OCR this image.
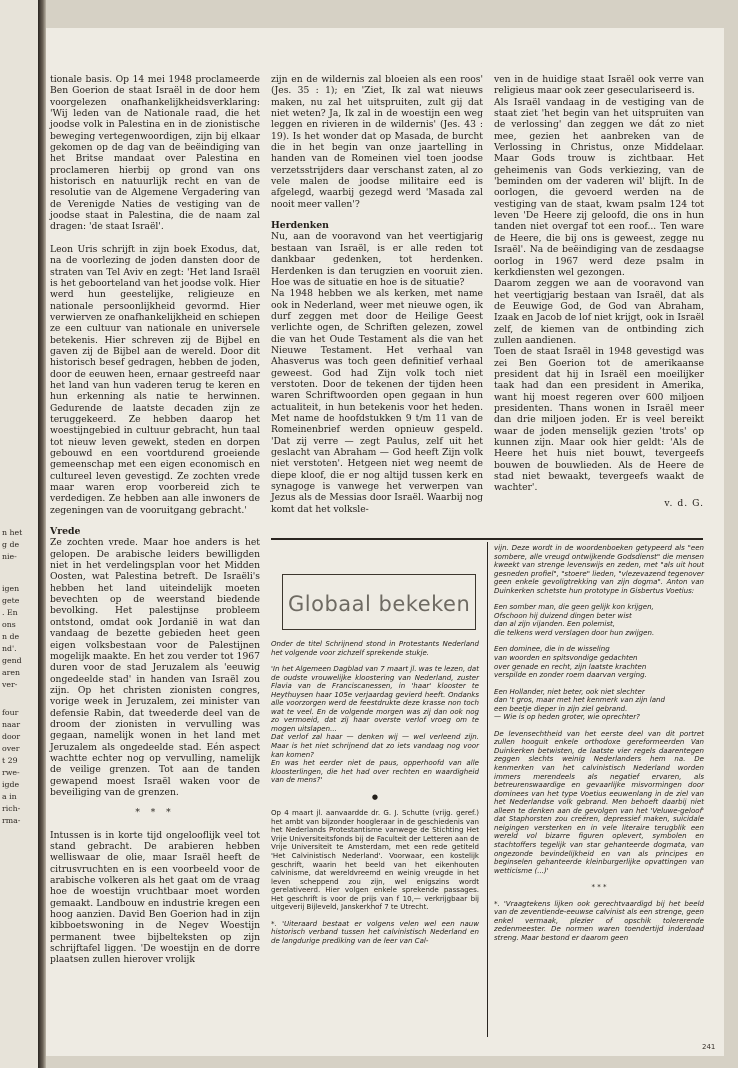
n het
g de
nie-
igen
gete
. En
ons
n de
nd'.
gend
aren
ver-
four
naar
door
over
t 29
rwe-
igde
a in
rich-
rma-

tionale basis. Op 14 mei 1948 proclameerde Ben Goerion de staat Israël in de door hem voorgelezen onafhankelijkheidsverklaring: 'Wij leden van de Nationale raad, die het joodse volk in Palestina en in de zionistische beweging vertegenwoordigen, zijn bij elkaar gekomen op de dag van de beëindiging van het Britse mandaat over Palestina en proclameren hierbij op grond van ons historisch en natuurlijk recht en van de resolutie van de Algemene Vergadering van de Verenigde Naties de vestiging van de joodse staat in Palestina, die de naam zal dragen: 'de staat Israël'.

Leon Uris schrijft in zijn boek Exodus, dat, na de voorlezing de joden dansten door de straten van Tel Aviv en zegt: 'Het land Israël is het geboorteland van het joodse volk. Hier werd hun geestelijke, religieuze en nationale persoonlijkheid gevormd. Hier verwierven ze onafhankelijkheid en schiepen ze een cultuur van nationale en universele betekenis. Hier schreven zij de Bijbel en gaven zij de Bijbel aan de wereld. Door dit historisch besef gedragen, hebben de joden, door de eeuwen heen, ernaar gestreefd naar het land van hun vaderen terug te keren en hun erkenning als natie te herwinnen. Gedurende de laatste decaden zijn ze teruggekeerd. Ze hebben daarop het woestijngebied in cultuur gebracht, hun taal tot nieuw leven gewekt, steden en dorpen gebouwd en een voortdurend groeiende gemeenschap met een eigen economisch en cultureel leven gevestigd. Ze zochten vrede maar waren erop voorbereid zich te verdedigen. Ze hebben aan alle inwoners de zegeningen van de vooruitgang gebracht.'

Vrede

Ze zochten vrede. Maar hoe anders is het gelopen. De arabische leiders bewilligden niet in het verdelingsplan voor het Midden Oosten, wat Palestina betreft. De Israëli's hebben het land uiteindelijk moeten bevechten op de weerstand biedende bevolking. Het palestijnse probleem ontstond, omdat ook Jordanië in wat dan vandaag de bezette gebieden heet geen eigen volksbestaan voor de Palestijnen mogelijk maakte. En het zou verder tot 1967 duren voor de stad Jeruzalem als 'eeuwig ongedeelde stad' in handen van Israël zou zijn. Op het christen zionisten congres, vorige week in Jeruzalem, zei minister van defensie Rabin, dat tweederde deel van de droom der zionisten in vervulling was gegaan, namelijk wonen in het land met Jeruzalem als ongedeelde stad. Eén aspect wachtte echter nog op vervulling, namelijk de veilige grenzen. Tot aan de tanden gewapend moest Israël waken voor de beveiliging van de grenzen.

* * *

Intussen is in korte tijd ongelooflijk veel tot stand gebracht. De arabieren hebben welliswaar de olie, maar Israël heeft de citrusvruchten en is een voorbeeld voor de arabische volkeren als het gaat om de vraag hoe de woestijn vruchtbaar moet worden gemaakt. Landbouw en industrie kregen een hoog aanzien. David Ben Goerion had in zijn kibboetswoning in de Negev Woestijn permanent twee bijbelteksten op zijn schrijftafel liggen. 'De woestijn en de dorre plaatsen zullen hierover vrolijk

zijn en de wildernis zal bloeien als een roos' (Jes. 35 : 1); en 'Ziet, Ik zal wat nieuws maken, nu zal het uitspruiten, zult gij dat niet weten? Ja, Ik zal in de woestijn een weg leggen en rivieren in de wildernis' (Jes. 43 : 19). Is het wonder dat op Masada, de burcht die in het begin van onze jaartelling in handen van de Romeinen viel toen joodse verzetsstrijders daar verschanst zaten, al zo vele malen de joodse militaire eed is afgelegd, waarbij gezegd werd 'Masada zal nooit meer vallen'?

Herdenken

Nu, aan de vooravond van het veertigjarig bestaan van Israël, is er alle reden tot dankbaar gedenken, tot herdenken. Herdenken is dan terugzien en vooruit zien. Hoe was de situatie en hoe is de situatie?

Na 1948 hebben we als kerken, met name ook in Nederland, weer met nieuwe ogen, ik durf zeggen met door de Heilige Geest verlichte ogen, de Schriften gelezen, zowel die van het Oude Testament als die van het Nieuwe Testament. Het verhaal van Ahasverus was toch geen definitief verhaal geweest. God had Zijn volk toch niet verstoten. Door de tekenen der tijden heen waren Schriftwoorden open gegaan in hun actualiteit, in hun betekenis voor het heden. Met name de hoofdstukken 9 t/m 11 van de Romeinenbrief werden opnieuw gespeld. 'Dat zij verre — zegt Paulus, zelf uit het geslacht van Abraham — God heeft Zijn volk niet verstoten'. Hetgeen niet weg neemt de diepe kloof, die er nog altijd tussen kerk en synagoge is vanwege het verwerpen van Jezus als de Messias door Israël. Waarbij nog komt dat het volksle-

ven in de huidige staat Israël ook verre van religieus maar ook zeer geseculariseerd is.

Als Israël vandaag in de vestiging van de staat ziet 'het begin van het uitspruiten van de verlossing' dan zeggen we dát zo niet mee, gezien het aanbreken van de Verlossing in Christus, onze Middelaar. Maar Gods trouw is zichtbaar. Het geheimenis van Gods verkiezing, van de 'beminden om der vaderen wil' blijft. In de oorlogen, die gevoerd werden na de vestiging van de staat, kwam psalm 124 tot leven 'De Heere zij geloofd, die ons in hun tanden niet overgaf tot een roof... Ten ware de Heere, die bij ons is geweest, zegge nu Israël'. Na de beëindiging van de zesdaagse oorlog in 1967 werd deze psalm in kerkdiensten wel gezongen.

Daarom zeggen we aan de vooravond van het veertigjarig bestaan van Israël, dat als de Eeuwige God, de God van Abraham, Izaak en Jacob de lof niet krijgt, ook in Israël zelf, de kiemen van de ontbinding zich zullen aandienen.

Toen de staat Israël in 1948 gevestigd was zei Ben Goerion tot de amerikaanse president dat hij in Israël een moeilijker taak had dan een president in Amerika, want hij moest regeren over 600 miljoen presidenten. Thans wonen in Israël meer dan drie miljoen joden. Er is veel bereikt waar de joden menselijk gezien 'trots' op kunnen zijn. Maar ook hier geldt: 'Als de Heere het huis niet bouwt, tevergeefs bouwen de bouwlieden. Als de Heere de stad niet bewaakt, tevergeefs waakt de wachter'.

v. d. G.
Globaal bekeken

Onder de titel Schrijnend stond in Protestants Nederland het volgende voor zichzelf sprekende stukje.

'In het Algemeen Dagblad van 7 maart jl. was te lezen, dat de oudste vrouwelijke kloostering van Nederland, zuster Flavia van de Franciscanessen, in 'haar' klooster te Heythuysen haar 105e verjaardag gevierd heeft. Ondanks alle voorzorgen werd de feestdrukte deze krasse non toch wat te veel. En de volgende morgen was zij dan ook nog zo vermoeid, dat zij haar overste verlof vroeg om te mogen uitslapen...

Dat verlof zal haar — denken wij — wel verleend zijn. Maar is het niet schrijnend dat zo iets vandaag nog voor kan komen?

En was het eerder niet de paus, opperhoofd van alle kloosterlingen, die het had over rechten en waardigheid van de mens?'

●

Op 4 maart jl. aanvaardde dr. G. J. Schutte (vrijg. geref.) het ambt van bijzonder hoogleraar in de geschiedenis van het Nederlands Protestantisme vanwege de Stichting Het Vrije Universiteitsfonds bij de Faculteit der Letteren aan de Vrije Universiteit te Amsterdam, met een rede getiteld 'Het Calvinistisch Nederland'. Voorwaar, een kostelijk geschrift, waarin het beeld van het eikenhouten calvinisme, dat wereldvreemd en weinig vreugde in het leven scheppend zou zijn, wel enigszins wordt gerelativeerd. Hier volgen enkele sprekende passages. Het geschrift is voor de prijs van f 10,— verkrijgbaar bij uitgeverij Bijleveld, Janskerkhof 7 te Utrecht.

*. 'Uiteraard bestaat er volgens velen wel een nauw historisch verband tussen het calvinistisch Nederland en de langdurige prediking van de leer van Cal-

vijn. Deze wordt in de woordenboeken getypeerd als "een sombere, alle vreugd ontwijkende Godsdienst" die mensen kweekt van strenge levenswijs en zeden, met "als uit hout gesneden profiel", "stoere" lieden, "vlezevazend tegenover geen enkele gevoligtrekking van zijn dogma". Anton van Duinkerken schetste hun prototype in Gisbertus Voetius:

Een somber man, die geen gelijk kon krijgen,

Ofschoon hij duizend dingen beter wist

dan al zijn vijanden. Een polemist,

die telkens werd verslagen door hun zwijgen.

Een dominee, die in de wisseling

van woorden en spitsvondige gedachten

over genade en recht, zijn laatste krachten

verspilde en zonder roem daarvan verging.

Een Hollander, niet beter, ook niet slechter

dan 't gros, maar met het kenmerk van zijn land

een beetje dieper in zijn ziel gebrand.

— Wie is op heden groter, wie oprechter?

De levensechtheid van het eerste deel van dit portret zullen hooguit enkele orthodoxe gereformeerden Van Duinkerken betwisten, de laatste vier regels daarentegen zeggen slechts weinig Nederlanders hem na. De kenmerken van het calvinistisch Nederland worden immers merendeels als negatief ervaren, als betreurenswaardige en gevaarlijke misvormingen door dominees van het type Voetius eeuwenlang in de ziel van het Nederlandse volk gebrand. Men behoeft daarbij niet alleen te denken aan de gevolgen van het 'Veluwe-geloof' dat Staphorsten zou creëren, depressief maken, suicidale neigingen versterken en in vele literaire terugblik een wereld vol bizarre figuren oplevert, symbolen en stachtoffers tegelijk van star gehanteerde dogmata, van ongezonde bevindelijkheid en van als principes en beginselen gehanteerde kleinburgerlijke opvattingen van wetticisme (...)'

* * *

*. 'Vraagtekens lijken ook gerechtvaardigd bij het beeld van de zeventiende-eeuwse calvinist als een strenge, geen enkel vermaak, plezier of opschik tolererende zedenmeester. De normen waren toendertijd inderdaad streng. Maar bestond er daarom geen

241
